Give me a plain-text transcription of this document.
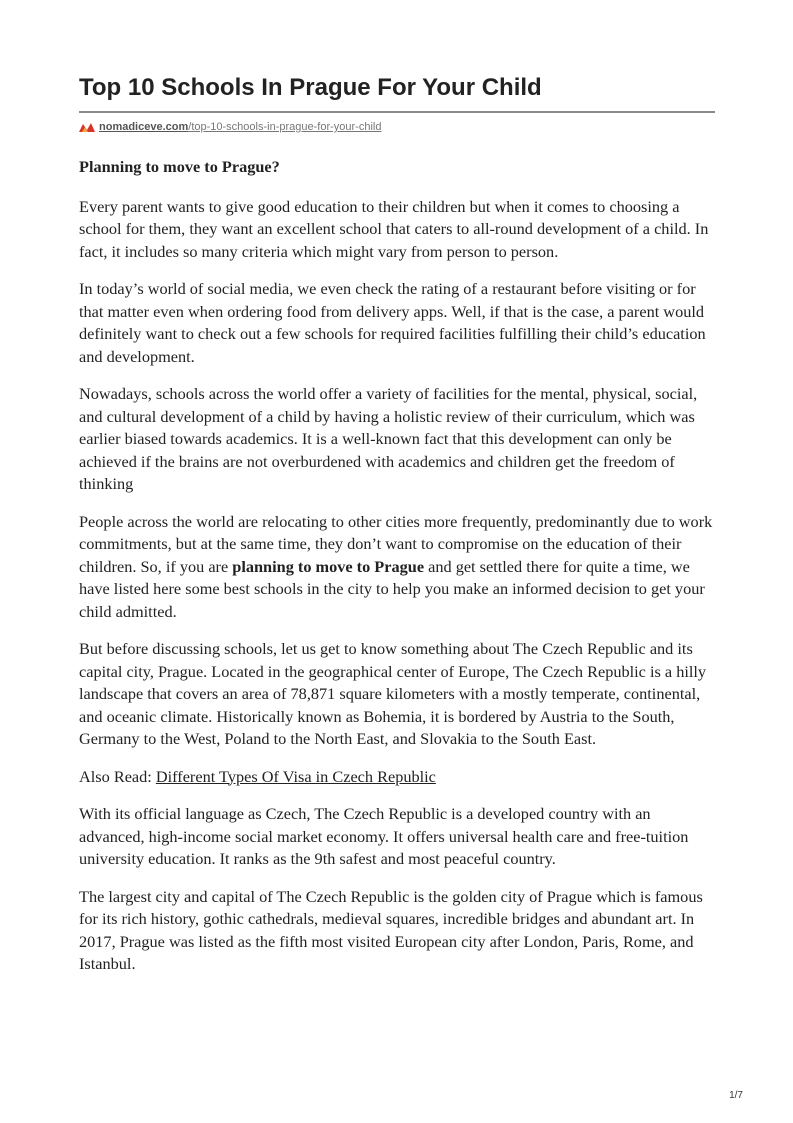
Top 10 Schools In Prague For Your Child
nomadiceve.com /top-10-schools-in-prague-for-your-child

Planning to move to Prague?

Every parent wants to give good education to their children but when it comes to choosing a school for them, they want an excellent school that caters to all-round development of a child. In fact, it includes so many criteria which might vary from person to person.

In today’s world of social media, we even check the rating of a restaurant before visiting or for that matter even when ordering food from delivery apps. Well, if that is the case, a parent would definitely want to check out a few schools for required facilities fulfilling their child’s education and development.

Nowadays, schools across the world offer a variety of facilities for the mental, physical, social, and cultural development of a child by having a holistic review of their curriculum, which was earlier biased towards academics. It is a well-known fact that this development can only be achieved if the brains are not overburdened with academics and children get the freedom of thinking

People across the world are relocating to other cities more frequently, predominantly due to work commitments, but at the same time, they don’t want to compromise on the education of their children. So, if you are planning to move to Prague and get settled there for quite a time, we have listed here some best schools in the city to help you make an informed decision to get your child admitted.

But before discussing schools, let us get to know something about The Czech Republic and its capital city, Prague. Located in the geographical center of Europe, The Czech Republic is a hilly landscape that covers an area of 78,871 square kilometers with a mostly temperate, continental, and oceanic climate. Historically known as Bohemia, it is bordered by Austria to the South, Germany to the West, Poland to the North East, and Slovakia to the South East.

Also Read: Different Types Of Visa in Czech Republic

With its official language as Czech, The Czech Republic is a developed country with an advanced, high-income social market economy. It offers universal health care and free-tuition university education. It ranks as the 9th safest and most peaceful country.

The largest city and capital of The Czech Republic is the golden city of Prague which is famous for its rich history, gothic cathedrals, medieval squares, incredible bridges and abundant art. In 2017, Prague was listed as the fifth most visited European city after London, Paris, Rome, and Istanbul.

1/7
